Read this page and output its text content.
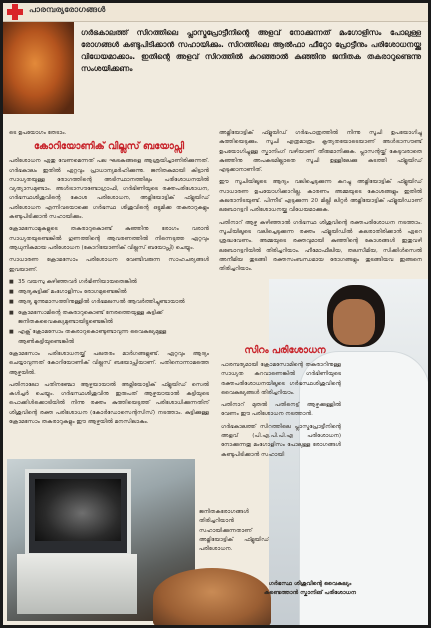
പാരമ്പര്യരോഗങ്ങൾ
ഗർഭകാലത്ത് സിറത്തിലെ പ്ലാസ്മപ്രോട്ടീനിന്റെ അളവ് നോക്കുന്നത് മംഗോളിസം പോലുള്ള രോഗങ്ങൾ കണ്ടുപിടിക്കാൻ സഹായിക്കും. സിറത്തിലെ ആൽഫാ ഫീറ്റോ പ്രോട്ടീനും പരിശോധനയ്ക്കു വിധേയമാക്കാം. ഇതിന്റെ അളവ് സിറത്തിൽ കുറഞ്ഞാൽ കുഞ്ഞിനു ജനിതക തകരാറുണ്ടെന്നു സംശയിക്കണം

ടെ ഉപയോഗം തേടാം.

കോറിയോണിക് വില്ലസ് ബയോപ്സി

പരിശോധന ഏതു വേണമെന്നത് പല ഘടകങ്ങളെ ആശ്രയിച്ചാണിരിക്കുന്നത്. ഗർഭകാലം ഇതിൽ ഏറ്റവും പ്രാധാന്യമർഹിക്കുന്നു. ജനിതകമായി കിട്ടാൻ സാധ്യതയുള്ള രോഗത്തിന്റെ അടിസ്ഥാനത്തിലും പരിശോധനയിൽ വ്യത്യാസമുണ്ടാം. അൾട്രാസൗണ്ടോഗ്രാഫി, ഗർഭിണിയുടെ രക്തപരിശോധന, ഗർഭസ്ഥശിശുവിന്റെ കോശ പരിശോധന, അമ്നിയോട്ടിക് ഫ്ളൂയിഡ് പരിശോധന എന്നിവയൊക്കെ ഗർഭസ്ഥ ശിശുവിന്റെ ഒട്ടുമിക്ക തകരാറുകളും കണ്ടുപിടിക്കാൻ സഹായിക്കും.

ക്രോമസോമുകളുടെ തകരാറുകൊണ്ട് കുഞ്ഞിനു രോഗം വരാൻ സാധ്യതയുണ്ടെങ്കിൽ ഗുണത്തിന്റെ ആവരണത്തിൽ നിന്നെടുത്ത ഏറ്റവും ആധുനികമായ പരിശോധന (കോറിയോണിക് വില്ലസ് ബയോപ്സി) ചെയ്യും.

സാധാരണ ക്രോമസോം പരിശോധന വേണ്ടിവരുന്ന സാഹചര്യങ്ങൾ ഇവയാണ്.

■ 35 വയസു കഴിഞ്ഞവർ ഗർഭിണിയായതെങ്കിൽ
■ ആദ്യകുട്ടിക്ക് മംഗോളിസം രോഗമുണ്ടെങ്കിൽ
■ ആദ്യ മൂന്നുമാസത്തിനുള്ളിൽ ഗർഭമലസൽ ആവർത്തിച്ചുണ്ടായാൽ
■ ക്രോമസോമിന്റെ തകരാറുകൊണ്ട് നേരത്തെയുള്ള കുട്ടിക്ക് ജനിതകവൈകല്യമുണ്ടായിട്ടുണ്ടെങ്കിൽ
■ എക്സ് ക്രോമസോം തകരാറുകൊണ്ടുണ്ടാവുന്ന വൈകല്യമുള്ള ആൺകുട്ടിയുണ്ടെങ്കിൽ

ക്രോമസോം പരിശോധനയ്ക്ക് പലതരം മാർഗങ്ങളുണ്ട്. ഏറ്റവും ആദ്യം ചെയ്യാവുന്നത് കോറിയോണിക് വില്ലസ് ബയോപ്സിയാണ്. പതിനൊന്നാമത്തെ ആഴ്ചയിൽ.

പതിനാലോ പതിനഞ്ചോ ആഴ്ചയായാൽ അമ്നിയോട്ടിക് ഫ്ളൂയിഡ് സെൽ കൾച്ചർ ചെയ്യും. ഗർഭസ്ഥശിശുവിനു ഇരുപത് ആഴ്ചയായാൽ കുട്ടിയുടെ പൊക്കിൾക്കൊടിയിൽ നിന്നു രക്തം കുത്തിയെടുത്ത് പരിശോധിക്കുന്നതിന് ശിശുവിന്റെ രക്ത പരിശോധന (കോർഡോസെന്റസിസ്) നടത്താം. കുട്ടിക്കുള്ള ക്രോമസോം തകരാറുകളും ഈ ആഴ്ചയിൽ മനസിലാകും.

ജനിതകരോഗങ്ങൾ തിരിച്ചറിയാൻ സഹായിക്കുന്നതാണ് അമ്നിയോട്ടിക് ഫ്ളൂയിഡ് പരിശോധന.

അമ്നിയോട്ടിക് ഫ്ളൂയിഡ് ഗർഭപാത്രത്തിൽ നിന്നു സൂചി ഉപയോഗിച്ചു കുത്തിയെടുക്കും. സൂചി എത്രമാത്രം കൃത്യതയോടെയാണ് അൾട്രാസൗണ്ട് ഉപയോഗിച്ചുള്ള സ്കാനിംഗ് വഴിയാണ് തീരുമാനിക്കുക. പ്ലാസന്റയ്ക്ക് കേടുവരാതെ കുഞ്ഞിനു അപകടമില്ലാതെ സൂചി ഉള്ളിലേക്കു കടത്തി ഫ്ളൂയിഡ് എടുക്കാനാണിത്.

ഈ സൂചിയിലൂടെ ആദ്യം വലിച്ചെടുക്കുന്ന കുറച്ചു അമ്നിയോട്ടിക് ഫ്ളൂയിഡ് സാധാരണ ഉപയോഗിക്കാറില്ല. കാരണം അമ്മയുടെ കോശങ്ങളും ഇതിൽ കലരാനിടയുണ്ട്. പിന്നീട് എടുക്കുന്ന 20 മില്ലി ലിറ്റർ അമ്നിയോട്ടിക് ഫ്ളൂയിഡാണ് ലബോറട്ടറി പരിശോധനയ്ക്കു വിധേയമാക്കുക.

പതിനാറ് ആഴ്ച കഴിഞ്ഞാൽ ഗർഭസ്ഥ ശിശുവിന്റെ രക്തപരിശോധന നടത്താം. സൂചിയിലൂടെ വലിച്ചെടുക്കുന്ന രക്തം ഫ്ളൂയിഡിൽ കലരാതിരിക്കാൻ ഏറെ ശ്രദ്ധവേണം. അമ്മയുടെ രക്തവുമായി കുഞ്ഞിന്റെ കോശങ്ങൾ ഇതുവഴി ലബോറട്ടറിയിൽ തിരിച്ചറിയാം. ഹീമോഫീലിയ, തലസീമിയ, സിക്കിൾസെൽ അനീമിയ തുടങ്ങി രക്തസംബന്ധമായ രോഗങ്ങളും തുടങ്ങിയവ ഇങ്ങനെ തിരിച്ചറിയാം.

സിറം പരിശോധന

പാരമ്പര്യമായി ക്രോമസോമിന്റെ തകരാറിനുള്ള സാധ്യത കുറവാണെങ്കിൽ ഗർഭിണിയുടെ രക്തപരിശോധനയിലൂടെ ഗർഭസ്ഥശിശുവിന്റെ വൈകല്യങ്ങൾ തിരിച്ചറിയാം.

പതിനാറ് മുതൽ പതിനെട്ട് ആഴ്ചക്കുള്ളിൽ വേണം ഈ പരിശോധന നടത്താൻ.

ഗർഭകാലത്ത് സിറത്തിലെ പ്ലാസ്മപ്രോട്ടീനിന്റെ അളവ് (പി.എ.പി.പി.എ പരിശോധന) നോക്കുന്നതു മംഗോളിസം പോലുള്ള രോഗങ്ങൾ കണ്ടുപിടിക്കാൻ സഹായി

ഗർഭസ്ഥ ശിശുവിന്റെ വൈകല്യം കണ്ടെത്താൻ സ്കാനിങ് പരിശോധന
